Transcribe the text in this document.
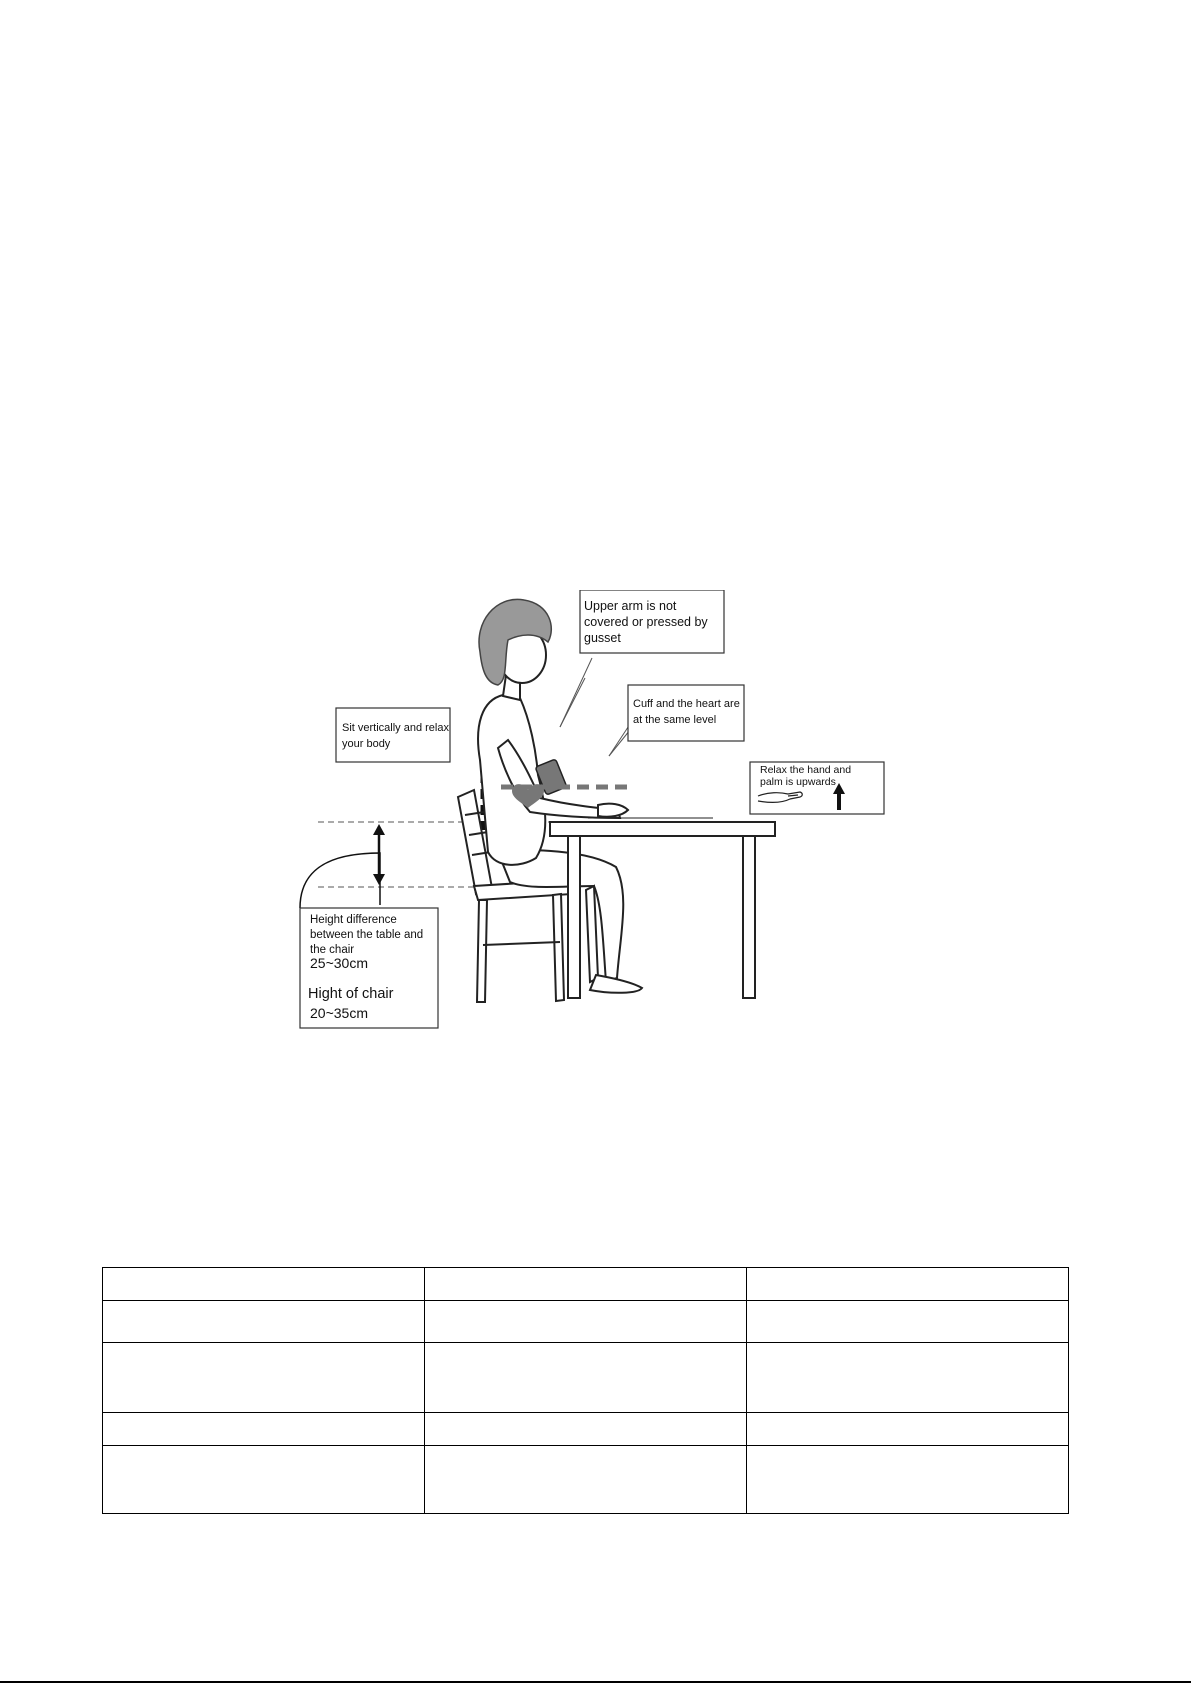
Upper arm is not
covered or pressed by
gusset
Cuff and the heart are
at the same level
Sit vertically and relax
your body
Relax the hand and
palm is upwards
Height difference
between the table and
the chair
25~30cm
Hight of chair
20~35cm
